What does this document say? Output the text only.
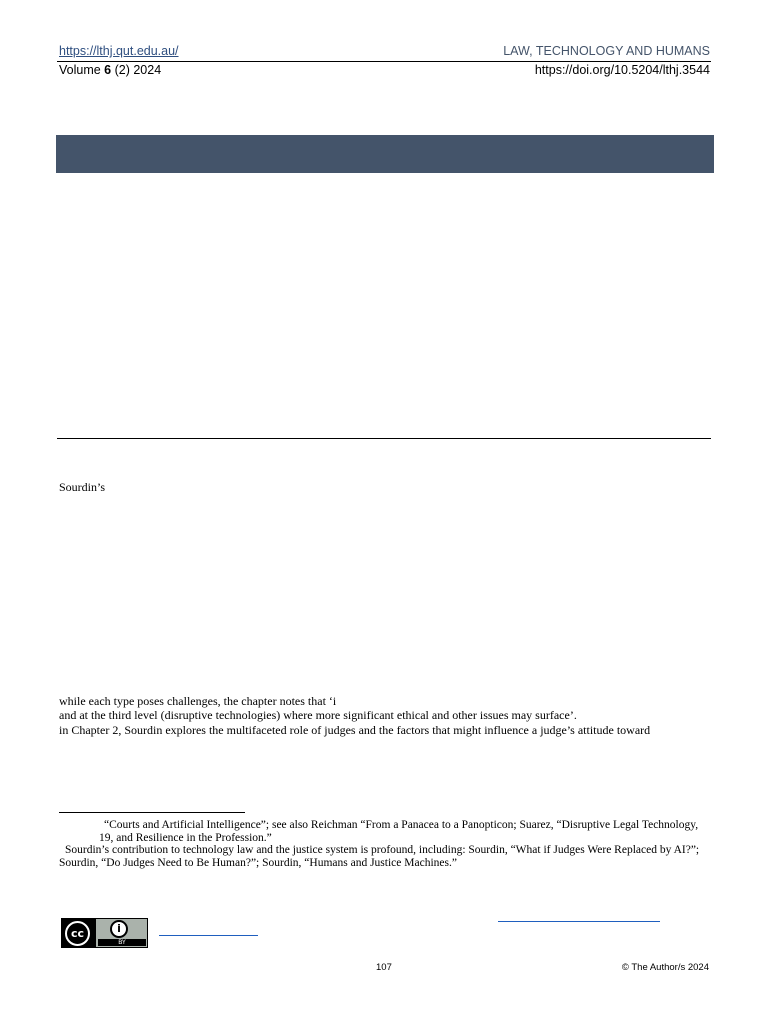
https://lthj.qut.edu.au/	LAW, TECHNOLOGY AND HUMANS
Volume 6 (2) 2024	https://doi.org/10.5204/lthj.3544
Sourdin’s
while each type poses challenges, the chapter notes that ‘i
and at the third level (disruptive technologies) where more significant ethical and other issues may surface’.
in Chapter 2, Sourdin explores the multifaceted role of judges and the factors that might influence a judge’s attitude toward
“Courts and Artificial Intelligence”; see also Reichman “From a Panacea to a Panopticon; Suarez, “Disruptive Legal Technology,
19, and Resilience in the Profession.”
Sourdin’s contribution to technology law and the justice system is profound, including: Sourdin, “What if Judges Were Replaced by AI?”;
Sourdin, “Do Judges Need to Be Human?”; Sourdin, “Humans and Justice Machines.”
cc	i
BY
107	© The Author/s 2024
